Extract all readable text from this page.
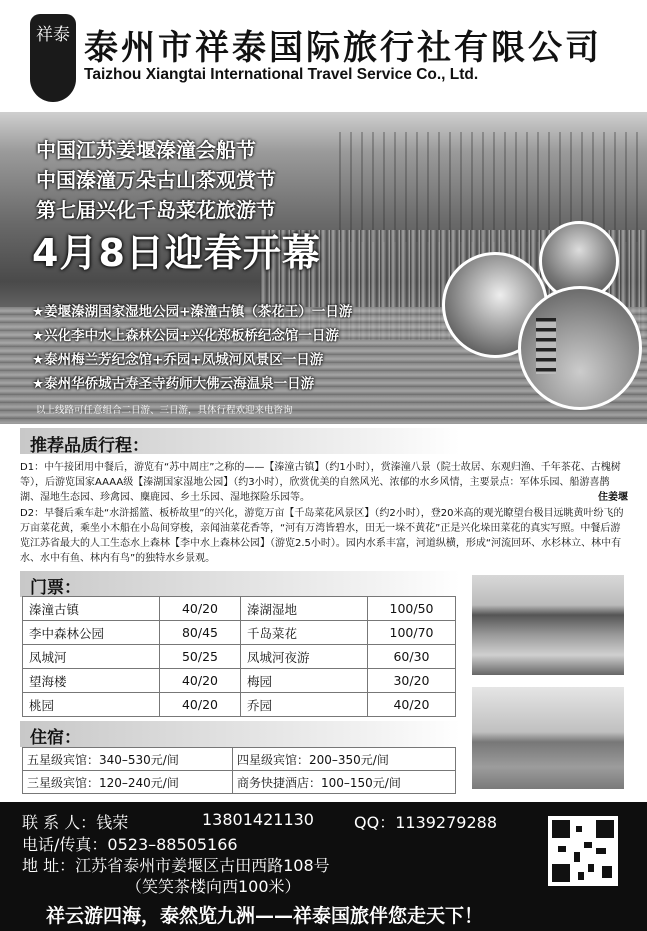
祥泰 泰州市祥泰国际旅行社有限公司
Taizhou Xiangtai International Travel Service Co., Ltd.
中国江苏姜堰溱潼会船节
中国溱潼万朵古山茶观赏节
第七届兴化千岛菜花旅游节
4月8日迎春开幕
★姜堰溱湖国家湿地公园+溱潼古镇（茶花王）一日游
★兴化李中水上森林公园+兴化郑板桥纪念馆一日游
★泰州梅兰芳纪念馆+乔园+凤城河风景区一日游
★泰州华侨城古寿圣寺药师大佛云海温泉一日游
以上线路可任意组合二日游、三日游，具体行程欢迎来电咨询
推荐品质行程：
D1：中午接团用中餐后，游览有“苏中周庄”之称的——【溱潼古镇】（约1小时），赏溱潼八景（院士故居、东观归渔、千年茶花、古槐树等），后游览国家AAAA级【溱湖国家湿地公园】（约3小时），欣赏优美的自然风光、浓郁的水乡风情，主要景点：军体乐园、船游喜鹊湖、湿地生态园、珍禽园、麋鹿园、乡土乐园、湿地探险乐园等。	住姜堰
D2：早餐后乘车赴“水浒摇篮、板桥故里”的兴化，游览万亩【千岛菜花风景区】（约2小时），登20米高的观光瞭望台极目远眺黄叶纷飞的万亩菜花黄，乘坐小木船在小岛间穿梭，亲闻油菜花香等，“河有万湾皆碧水，田无一垛不黄花”正是兴化垛田菜花的真实写照。中餐后游览江苏省最大的人工生态水上森林【李中水上森林公园】（游览2.5小时）。园内水系丰富，河道纵横，形成“河流回环、水杉林立、林中有水、水中有鱼、林内有鸟”的独特水乡景观。
门票：
溱潼古镇	40/20	溱湖湿地	100/50
李中森林公园	80/45	千岛菜花	100/70
凤城河	50/25	凤城河夜游	60/30
望海楼	40/20	梅园	30/20
桃园	40/20	乔园	40/20
住宿：
五星级宾馆：340–530元/间	四星级宾馆：200–350元/间
三星级宾馆：120–240元/间	商务快捷酒店：100–150元/间
联 系 人：钱荣	13801421130	QQ：1139279288
电话/传真：0523–88505166
地 址：江苏省泰州市姜堰区古田西路108号
（笑笑茶楼向西100米）
祥云游四海，泰然览九洲——祥泰国旅伴您走天下！
